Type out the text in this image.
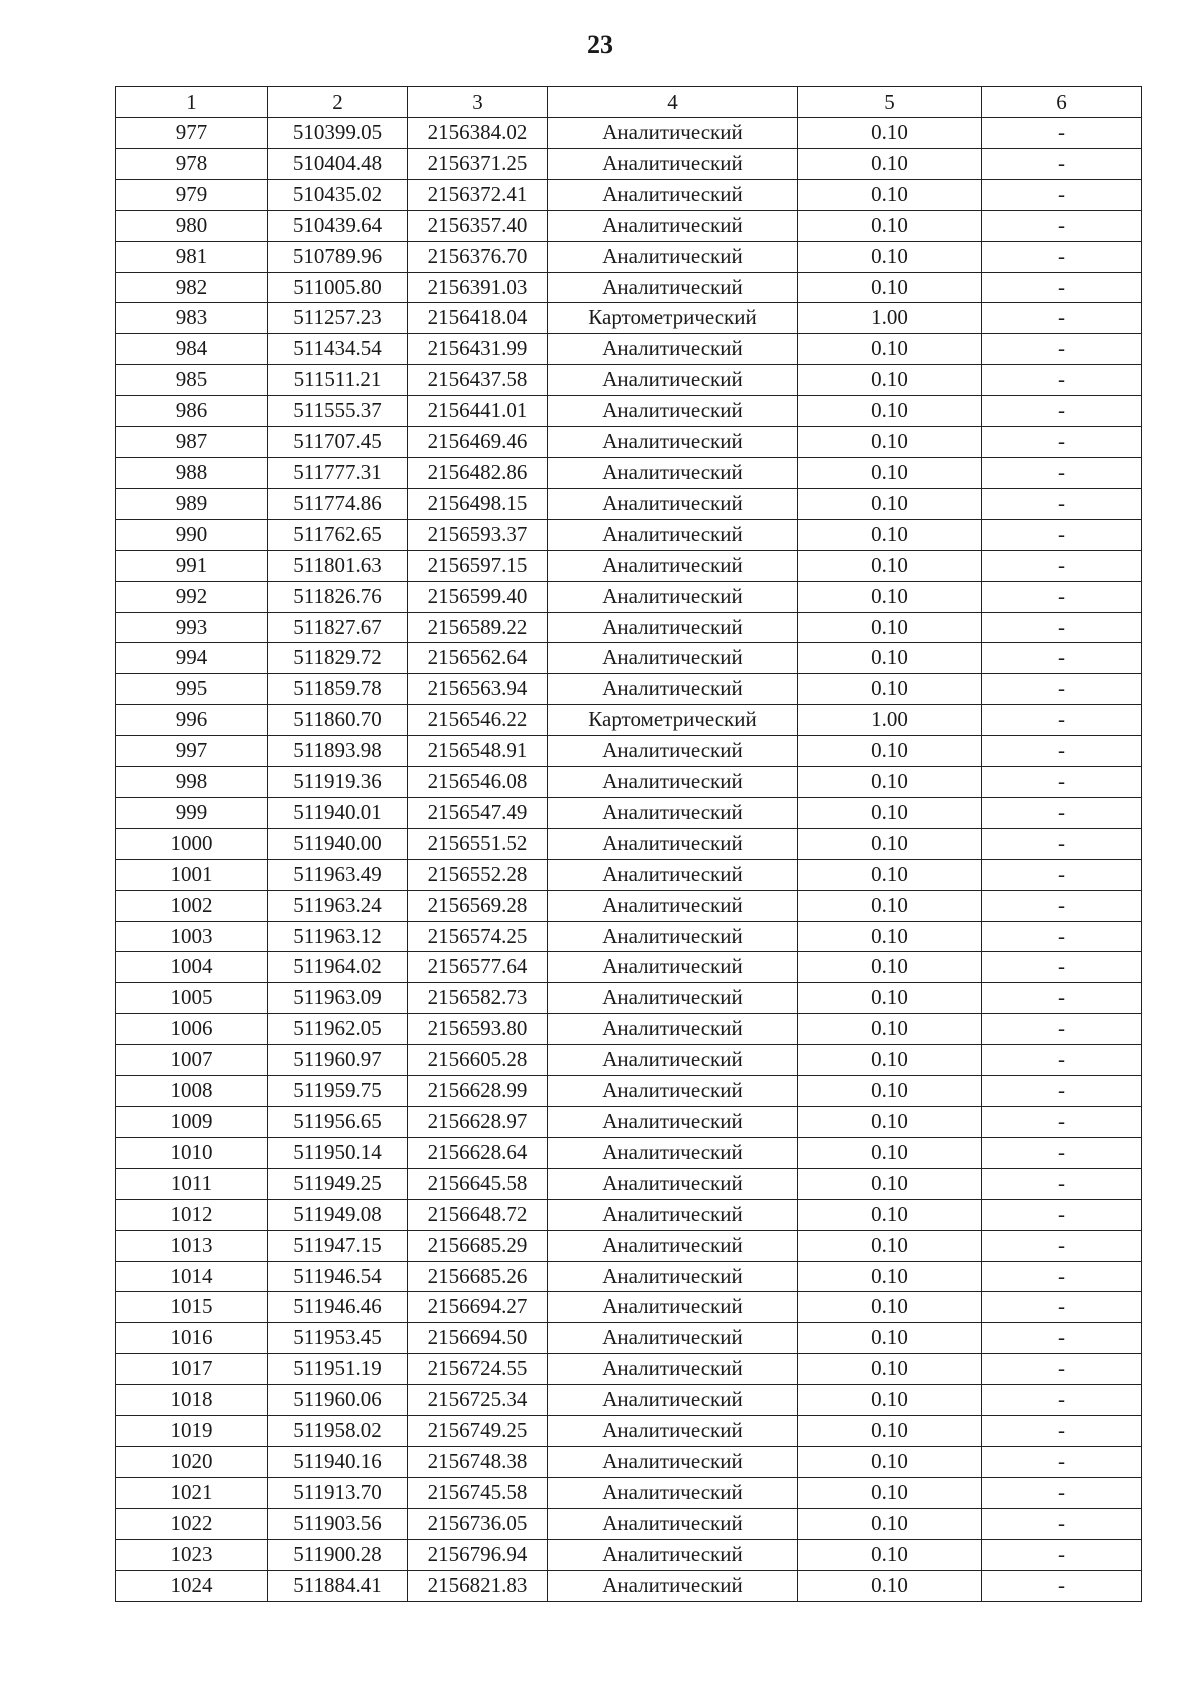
23
1	2	3	4	5	6
977	510399.05	2156384.02	Аналитический	0.10	-
978	510404.48	2156371.25	Аналитический	0.10	-
979	510435.02	2156372.41	Аналитический	0.10	-
980	510439.64	2156357.40	Аналитический	0.10	-
981	510789.96	2156376.70	Аналитический	0.10	-
982	511005.80	2156391.03	Аналитический	0.10	-
983	511257.23	2156418.04	Картометрический	1.00	-
984	511434.54	2156431.99	Аналитический	0.10	-
985	511511.21	2156437.58	Аналитический	0.10	-
986	511555.37	2156441.01	Аналитический	0.10	-
987	511707.45	2156469.46	Аналитический	0.10	-
988	511777.31	2156482.86	Аналитический	0.10	-
989	511774.86	2156498.15	Аналитический	0.10	-
990	511762.65	2156593.37	Аналитический	0.10	-
991	511801.63	2156597.15	Аналитический	0.10	-
992	511826.76	2156599.40	Аналитический	0.10	-
993	511827.67	2156589.22	Аналитический	0.10	-
994	511829.72	2156562.64	Аналитический	0.10	-
995	511859.78	2156563.94	Аналитический	0.10	-
996	511860.70	2156546.22	Картометрический	1.00	-
997	511893.98	2156548.91	Аналитический	0.10	-
998	511919.36	2156546.08	Аналитический	0.10	-
999	511940.01	2156547.49	Аналитический	0.10	-
1000	511940.00	2156551.52	Аналитический	0.10	-
1001	511963.49	2156552.28	Аналитический	0.10	-
1002	511963.24	2156569.28	Аналитический	0.10	-
1003	511963.12	2156574.25	Аналитический	0.10	-
1004	511964.02	2156577.64	Аналитический	0.10	-
1005	511963.09	2156582.73	Аналитический	0.10	-
1006	511962.05	2156593.80	Аналитический	0.10	-
1007	511960.97	2156605.28	Аналитический	0.10	-
1008	511959.75	2156628.99	Аналитический	0.10	-
1009	511956.65	2156628.97	Аналитический	0.10	-
1010	511950.14	2156628.64	Аналитический	0.10	-
1011	511949.25	2156645.58	Аналитический	0.10	-
1012	511949.08	2156648.72	Аналитический	0.10	-
1013	511947.15	2156685.29	Аналитический	0.10	-
1014	511946.54	2156685.26	Аналитический	0.10	-
1015	511946.46	2156694.27	Аналитический	0.10	-
1016	511953.45	2156694.50	Аналитический	0.10	-
1017	511951.19	2156724.55	Аналитический	0.10	-
1018	511960.06	2156725.34	Аналитический	0.10	-
1019	511958.02	2156749.25	Аналитический	0.10	-
1020	511940.16	2156748.38	Аналитический	0.10	-
1021	511913.70	2156745.58	Аналитический	0.10	-
1022	511903.56	2156736.05	Аналитический	0.10	-
1023	511900.28	2156796.94	Аналитический	0.10	-
1024	511884.41	2156821.83	Аналитический	0.10	-
